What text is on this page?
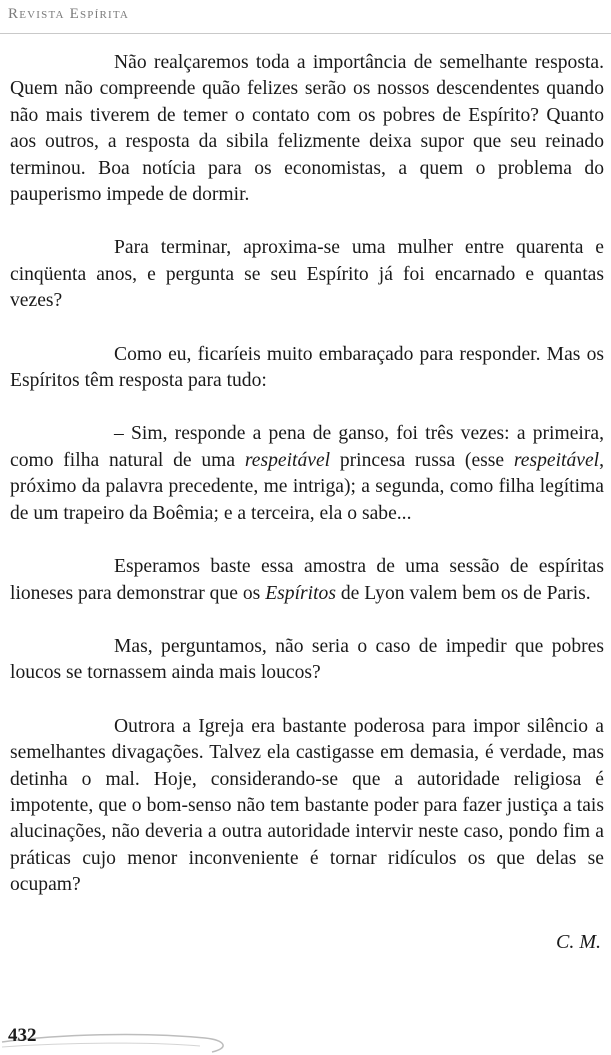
Revista Espírita

Não realçaremos toda a importância de semelhante resposta. Quem não compreende quão felizes serão os nossos descendentes quando não mais tiverem de temer o contato com os pobres de Espírito? Quanto aos outros, a resposta da sibila felizmente deixa supor que seu reinado terminou. Boa notícia para os economistas, a quem o problema do pauperismo impede de dormir.

Para terminar, aproxima-se uma mulher entre quarenta e cinqüenta anos, e pergunta se seu Espírito já foi encarnado e quantas vezes?

Como eu, ficaríeis muito embaraçado para responder. Mas os Espíritos têm resposta para tudo:

– Sim, responde a pena de ganso, foi três vezes: a primeira, como filha natural de uma respeitável princesa russa (esse respeitável, próximo da palavra precedente, me intriga); a segunda, como filha legítima de um trapeiro da Boêmia; e a terceira, ela o sabe...

Esperamos baste essa amostra de uma sessão de espíritas lioneses para demonstrar que os Espíritos de Lyon valem bem os de Paris.

Mas, perguntamos, não seria o caso de impedir que pobres loucos se tornassem ainda mais loucos?

Outrora a Igreja era bastante poderosa para impor silêncio a semelhantes divagações. Talvez ela castigasse em demasia, é verdade, mas detinha o mal. Hoje, considerando-se que a autoridade religiosa é impotente, que o bom-senso não tem bastante poder para fazer justiça a tais alucinações, não deveria a outra autoridade intervir neste caso, pondo fim a práticas cujo menor inconveniente é tornar ridículos os que delas se ocupam?

C. M.
432
